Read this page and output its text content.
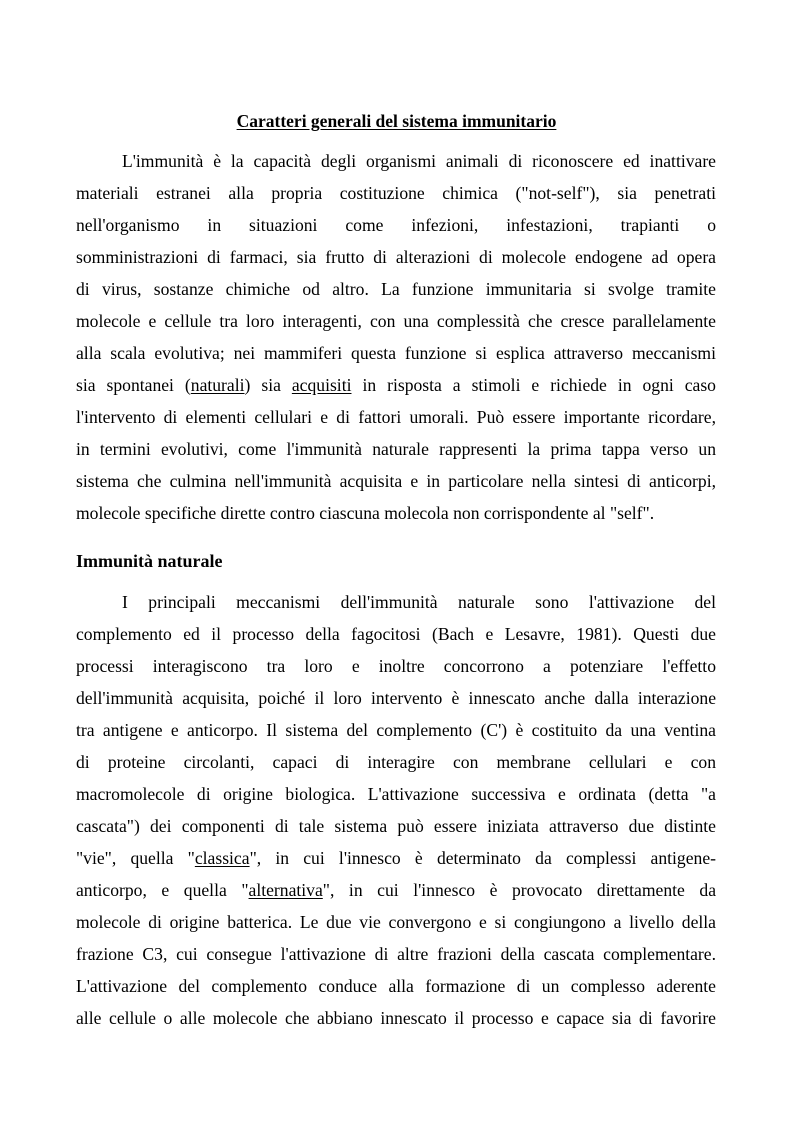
Caratteri generali del sistema immunitario
L'immunità è la capacità degli organismi animali di riconoscere ed inattivare
materiali estranei alla propria costituzione chimica ("not-self"), sia penetrati
nell'organismo in situazioni come infezioni, infestazioni, trapianti o
somministrazioni di farmaci, sia frutto di alterazioni di molecole endogene ad opera
di virus, sostanze chimiche od altro. La funzione immunitaria si svolge tramite
molecole e cellule tra loro interagenti, con una complessità che cresce parallelamente
alla scala evolutiva; nei mammiferi questa funzione si esplica attraverso meccanismi
sia spontanei (naturali) sia acquisiti in risposta a stimoli e richiede in ogni caso
l'intervento di elementi cellulari e di fattori umorali. Può essere importante ricordare,
in termini evolutivi, come l'immunità naturale rappresenti la prima tappa verso un
sistema che culmina nell'immunità acquisita e in particolare nella sintesi di anticorpi,
molecole specifiche dirette contro ciascuna molecola non corrispondente al "self".
Immunità naturale
I principali meccanismi dell'immunità naturale sono l'attivazione del
complemento ed il processo della fagocitosi (Bach e Lesavre, 1981). Questi due
processi interagiscono tra loro e inoltre concorrono a potenziare l'effetto
dell'immunità acquisita, poiché il loro intervento è innescato anche dalla interazione
tra antigene e anticorpo. Il sistema del complemento (C') è costituito da una ventina
di proteine circolanti, capaci di interagire con membrane cellulari e con
macromolecole di origine biologica. L'attivazione successiva e ordinata (detta "a
cascata") dei componenti di tale sistema può essere iniziata attraverso due distinte
"vie", quella "classica", in cui l'innesco è determinato da complessi antigene-
anticorpo, e quella "alternativa", in cui l'innesco è provocato direttamente da
molecole di origine batterica. Le due vie convergono e si congiungono a livello della
frazione C3, cui consegue l'attivazione di altre frazioni della cascata complementare.
L'attivazione del complemento conduce alla formazione di un complesso aderente
alle cellule o alle molecole che abbiano innescato il processo e capace sia di favorire
